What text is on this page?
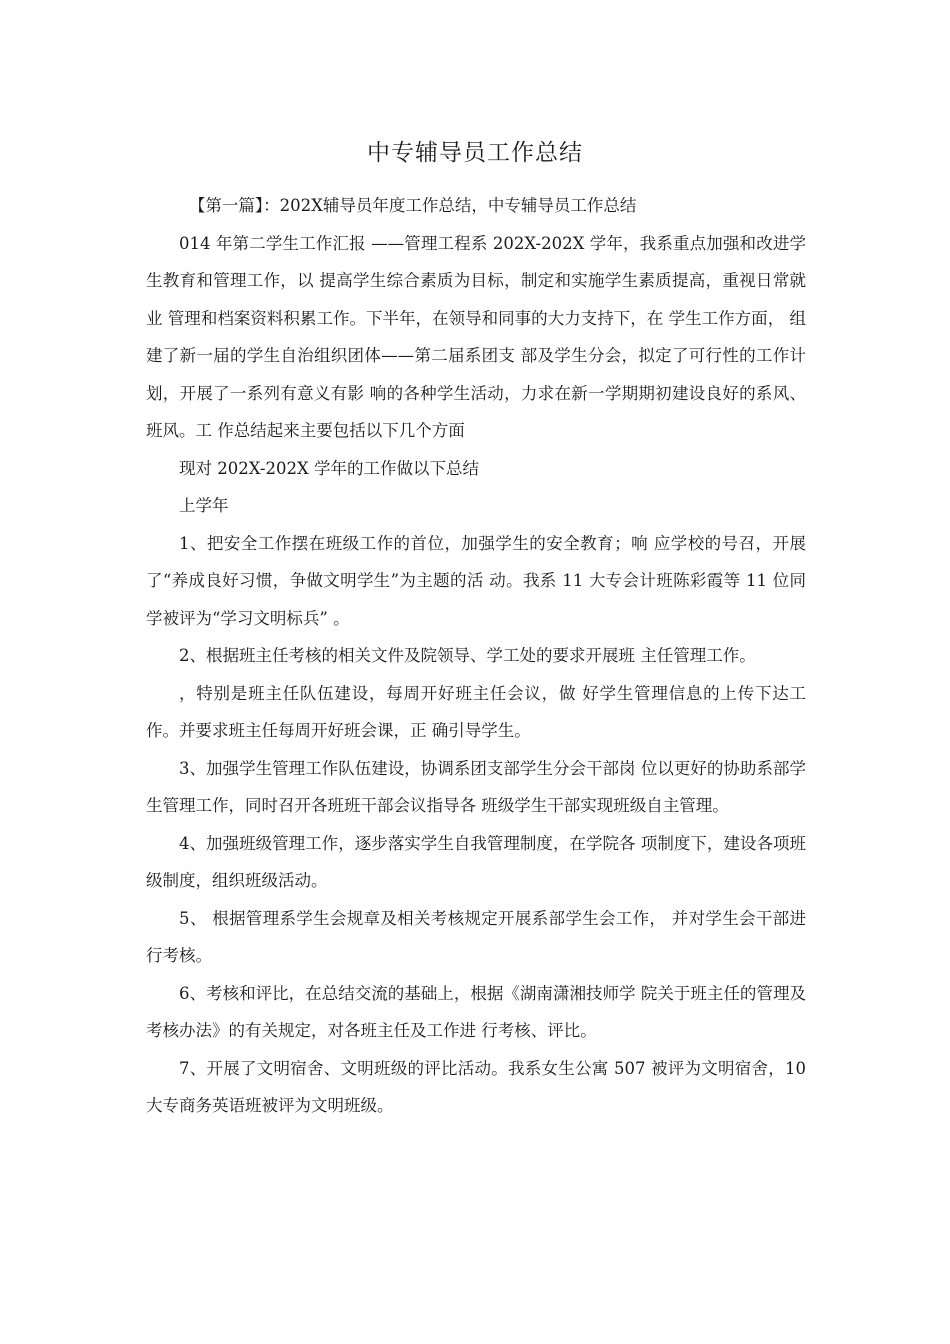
中专辅导员工作总结

【第一篇】：202X辅导员年度工作总结，中专辅导员工作总结

014 年第二学生工作汇报 ——管理工程系 202X-202X 学年，我系重点加强和改进学生教育和管理工作，以 提高学生综合素质为目标，制定和实施学生素质提高，重视日常就业 管理和档案资料积累工作。下半年，在领导和同事的大力支持下，在 学生工作方面， 组建了新一届的学生自治组织团体——第二届系团支 部及学生分会，拟定了可行性的工作计划，开展了一系列有意义有影 响的各种学生活动，力求在新一学期期初建设良好的系风、班风。工 作总结起来主要包括以下几个方面

现对 202X-202X 学年的工作做以下总结

上学年

1、把安全工作摆在班级工作的首位，加强学生的安全教育；响 应学校的号召，开展了“养成良好习惯，争做文明学生”为主题的活 动。我系 11 大专会计班陈彩霞等 11 位同学被评为“学习文明标兵” 。

2、根据班主任考核的相关文件及院领导、学工处的要求开展班 主任管理工作。

，特别是班主任队伍建设，每周开好班主任会议，做 好学生管理信息的上传下达工作。并要求班主任每周开好班会课，正 确引导学生。

3、加强学生管理工作队伍建设，协调系团支部学生分会干部岗 位以更好的协助系部学生管理工作，同时召开各班班干部会议指导各 班级学生干部实现班级自主管理。

4、加强班级管理工作，逐步落实学生自我管理制度，在学院各 项制度下，建设各项班级制度，组织班级活动。

5、 根据管理系学生会规章及相关考核规定开展系部学生会工作， 并对学生会干部进行考核。

6、考核和评比，在总结交流的基础上，根据《湖南潇湘技师学 院关于班主任的管理及考核办法》的有关规定，对各班主任及工作进 行考核、评比。

7、开展了文明宿舍、文明班级的评比活动。我系女生公寓 507 被评为文明宿舍，10 大专商务英语班被评为文明班级。
